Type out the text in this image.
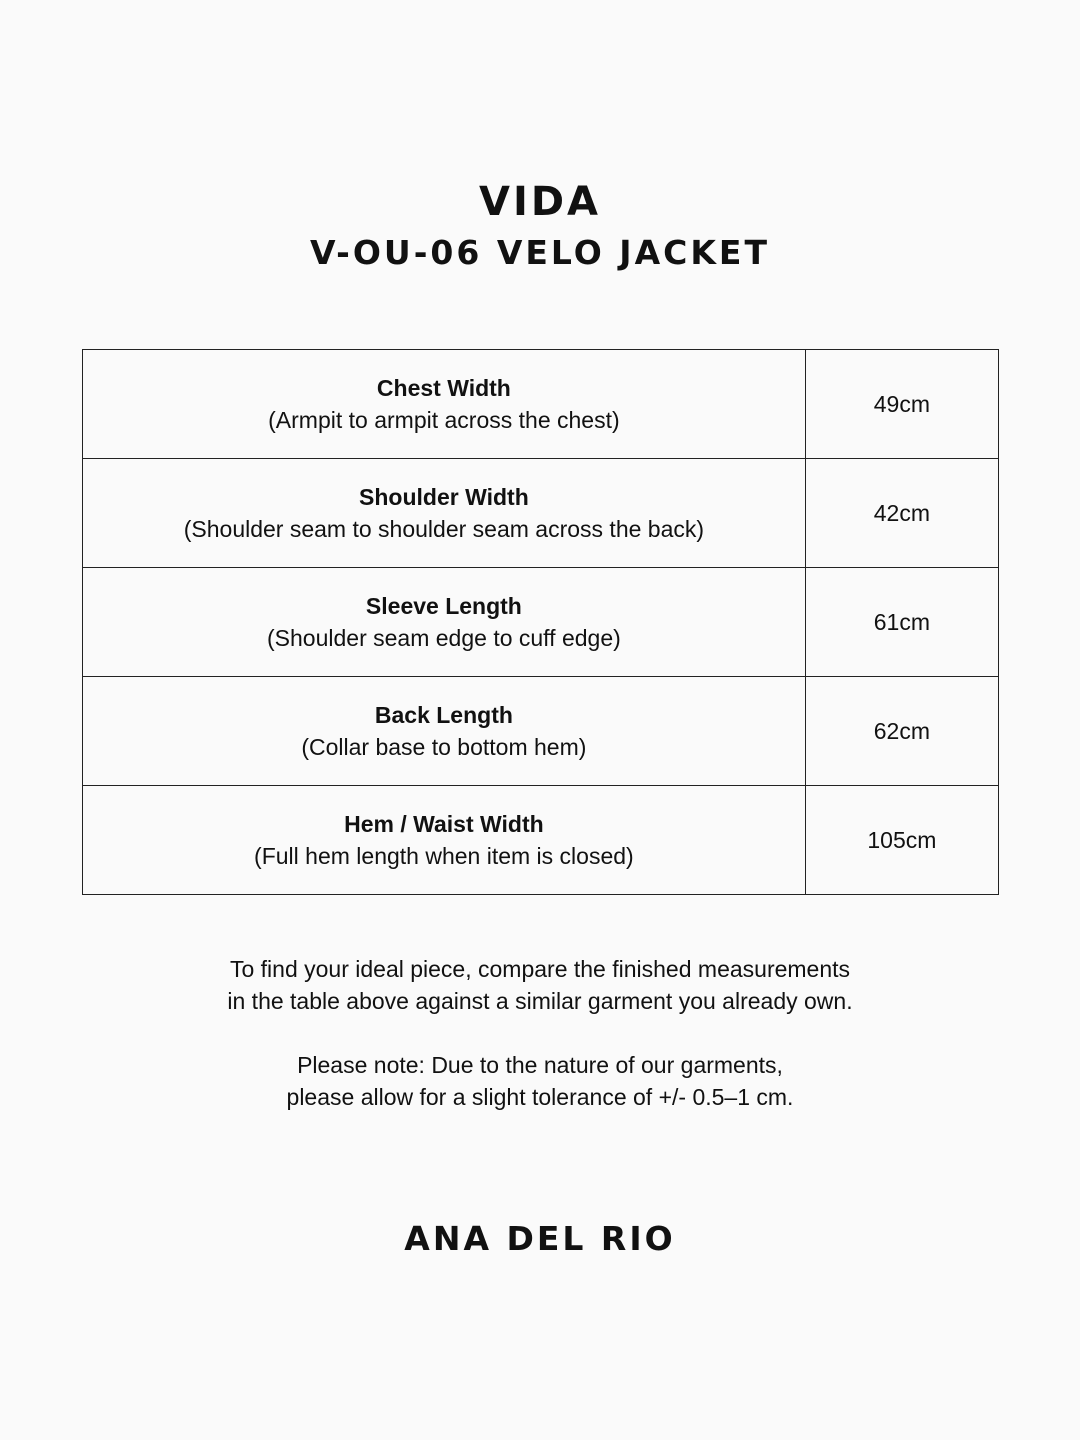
VIDA
V-OU-06 VELO JACKET
Chest Width
(Armpit to armpit across the chest)	49cm

Shoulder Width
(Shoulder seam to shoulder seam across the back)	42cm

Sleeve Length
(Shoulder seam edge to cuff edge)	61cm

Back Length
(Collar base to bottom hem)	62cm

Hem / Waist Width
(Full hem length when item is closed)	105cm
To find your ideal piece, compare the finished measurements
in the table above against a similar garment you already own.
Please note: Due to the nature of our garments,
please allow for a slight tolerance of +/- 0.5–1 cm.
ANA DEL RIO
